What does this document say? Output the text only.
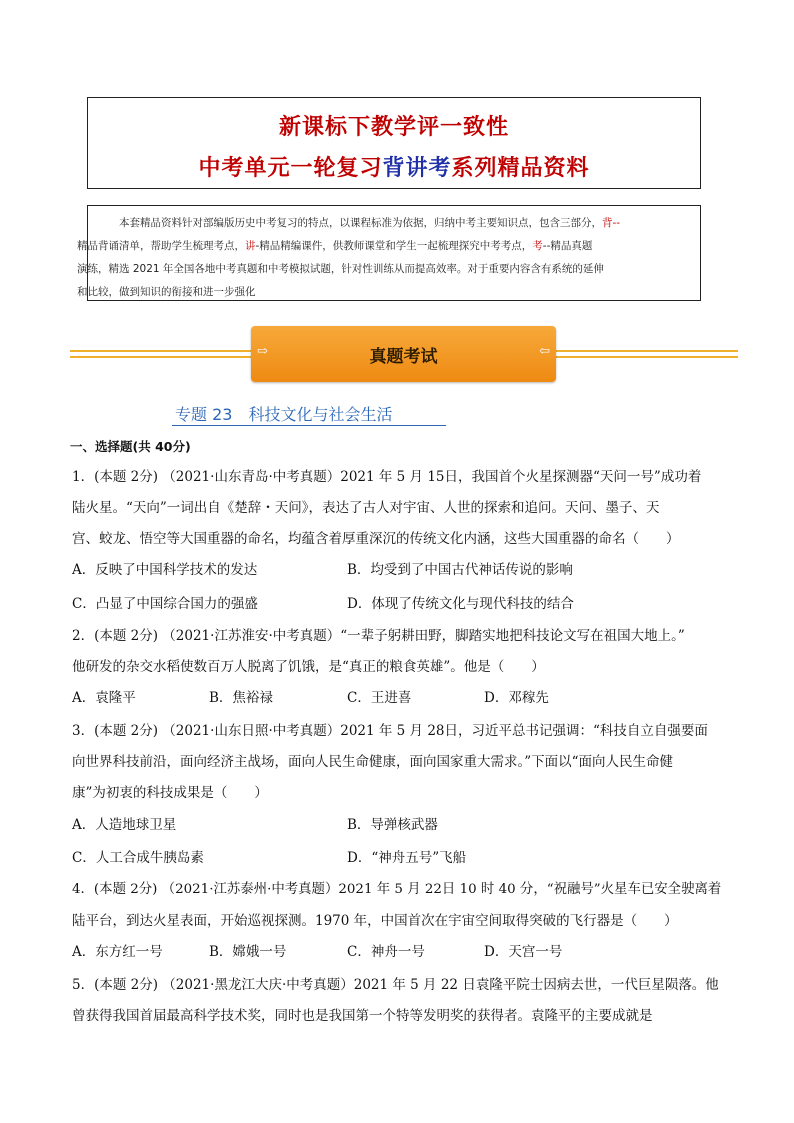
新课标下教学评一致性
中考单元一轮复习背讲考系列精品资料
本套精品资料针对部编版历史中考复习的特点，以课程标准为依据，归纳中考主要知识点，包含三部分，背--
精品背诵清单，帮助学生梳理考点，讲-精品精编课件，供教师课堂和学生一起梳理探究中考考点，考--精品真题
演练，精选 2021 年全国各地中考真题和中考模拟试题，针对性训练从而提高效率。对于重要内容含有系统的延伸
和比较，做到知识的衔接和进一步强化
⇨	真题考试	⇦
专题 23　科技文化与社会生活
一、选择题(共 40分)
1．(本题 2分) （2021·山东青岛·中考真题）2021 年 5 月 15日，我国首个火星探测器“天问一号”成功着
陆火星。“天向”一词出自《楚辞・天问》，表达了古人对宇宙、人世的探索和追问。天问、墨子、天
宫、蛟龙、悟空等大国重器的命名，均蕴含着厚重深沉的传统文化内涵，这些大国重器的命名（　　）
A．反映了中国科学技术的发达	B．均受到了中国古代神话传说的影响
C．凸显了中国综合国力的强盛	D．体现了传统文化与现代科技的结合
2．(本题 2分) （2021·江苏淮安·中考真题）“一辈子躬耕田野，脚踏实地把科技论文写在祖国大地上。”
他研发的杂交水稻使数百万人脱离了饥饿，是“真正的粮食英雄”。他是（　　）
A．袁隆平	B．焦裕禄	C．王进喜	D．邓稼先
3．(本题 2分) （2021·山东日照·中考真题）2021 年 5 月 28日，习近平总书记强调：“科技自立自强要面
向世界科技前沿，面向经济主战场，面向人民生命健康，面向国家重大需求。”下面以“面向人民生命健
康”为初衷的科技成果是（　　）
A．人造地球卫星	B．导弹核武器
C．人工合成牛胰岛素	D．“神舟五号”飞船
4．(本题 2分) （2021·江苏泰州·中考真题）2021 年 5 月 22日 10 时 40 分，“祝融号”火星车已安全驶离着
陆平台，到达火星表面，开始巡视探测。1970 年，中国首次在宇宙空间取得突破的飞行器是（　　）
A．东方红一号	B．嫦娥一号	C．神舟一号	D．天宫一号
5．(本题 2分) （2021·黑龙江大庆·中考真题）2021 年 5 月 22 日袁隆平院士因病去世，一代巨星陨落。他
曾获得我国首届最高科学技术奖，同时也是我国第一个特等发明奖的获得者。袁隆平的主要成就是
